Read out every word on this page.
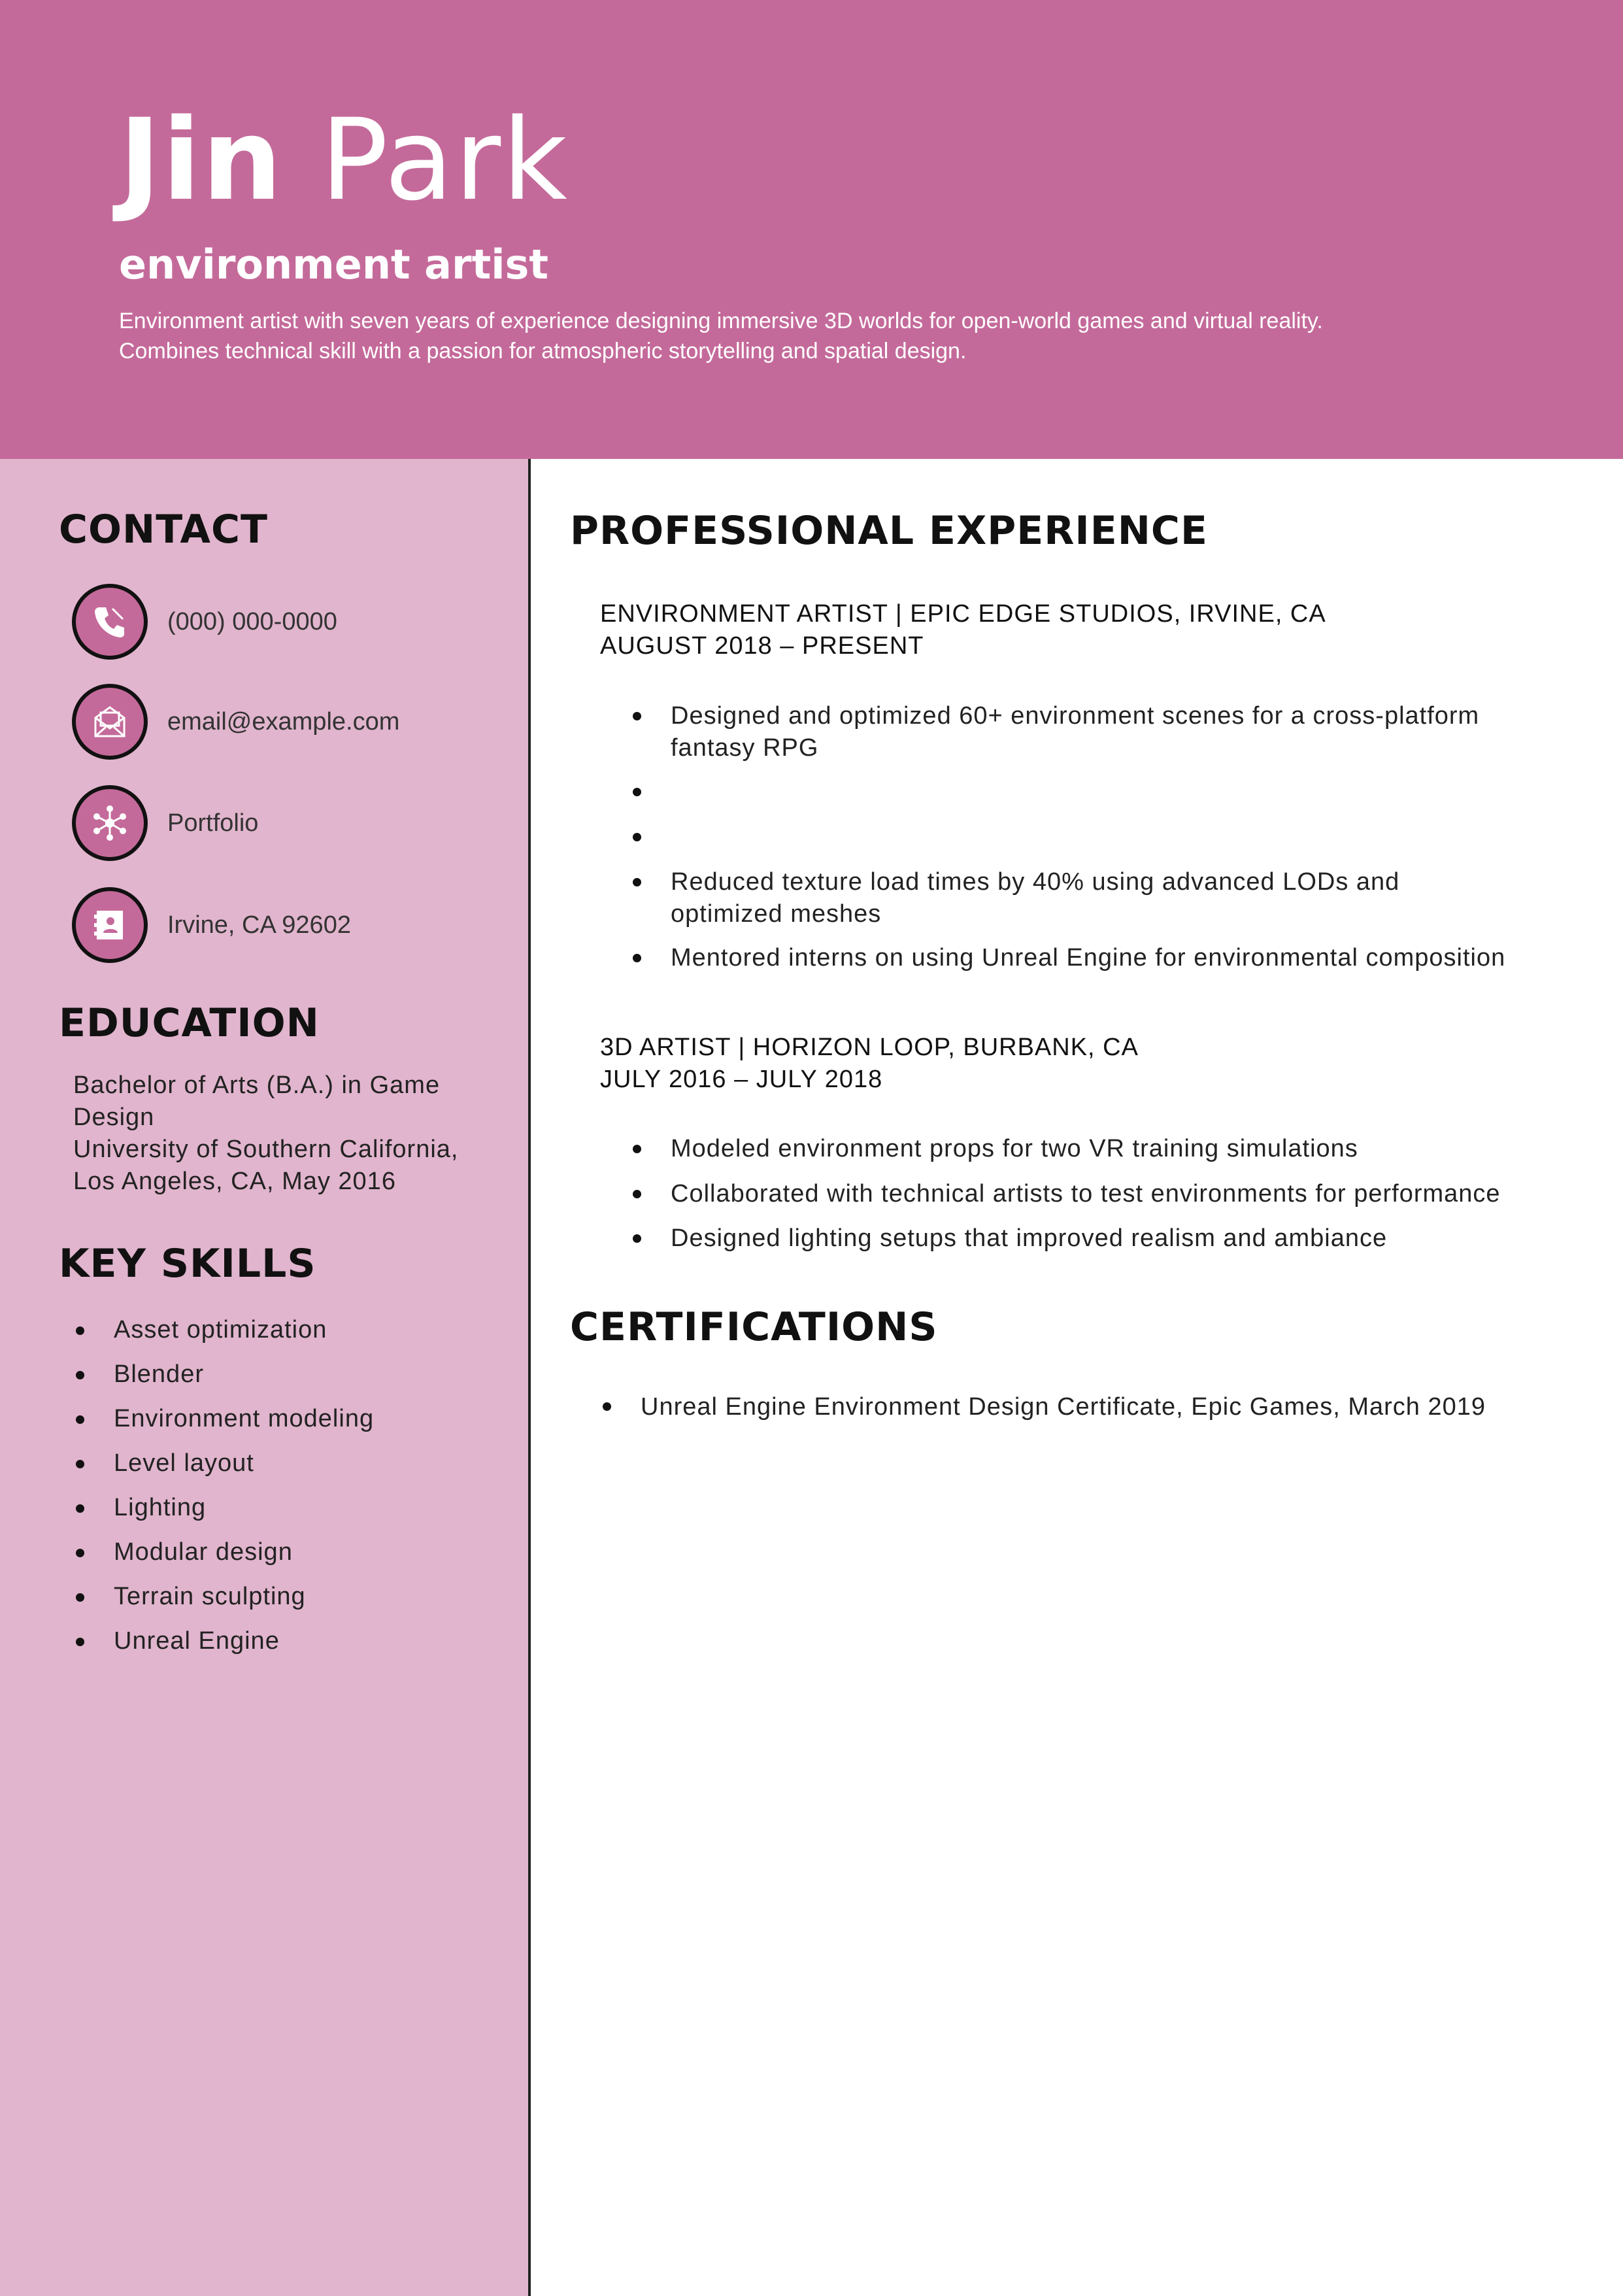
Jin Park
environment artist

Environment artist with seven years of experience designing immersive 3D worlds for open-world games and virtual reality.

Combines technical skill with a passion for atmospheric storytelling and spatial design.

CONTACT
(000) 000-0000
email@example.com
Portfolio
Irvine, CA 92602
EDUCATION
Bachelor of Arts (B.A.) in Game
Design
University of Southern California,
Los Angeles, CA, May 2016
KEY SKILLS
Asset optimization
Blender
Environment modeling
Level layout
Lighting
Modular design
Terrain sculpting
Unreal Engine
PROFESSIONAL EXPERIENCE
ENVIRONMENT ARTIST | EPIC EDGE STUDIOS, IRVINE, CA
AUGUST 2018 – PRESENT
Designed and optimized 60+ environment scenes for a cross-platform
fantasy RPG
Reduced texture load times by 40% using advanced LODs and
optimized meshes
Mentored interns on using Unreal Engine for environmental composition
3D ARTIST | HORIZON LOOP, BURBANK, CA
JULY 2016 – JULY 2018
Modeled environment props for two VR training simulations
Collaborated with technical artists to test environments for performance
Designed lighting setups that improved realism and ambiance
CERTIFICATIONS
Unreal Engine Environment Design Certificate, Epic Games, March 2019
